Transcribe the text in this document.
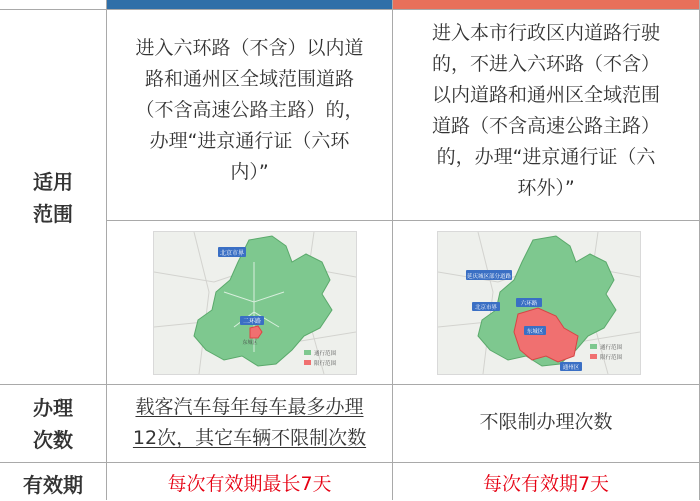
适用
范围
进入六环路（不含）以内道
路和通州区全域范围道路
（不含高速公路主路）的，
办理“进京通行证（六环
内）”
进入本市行政区内道路行驶
的，不进入六环路（不含）
以内道路和通州区全域范围
道路（不含高速公路主路）
的，办理“进京通行证（六
环外）”
北京市界
二环路
东城区
通行范围
限行范围
延庆城区部分道路
六环路
北京市界
东城区
通州区
通行范围
限行范围
办理
次数
载客汽车每年每车最多办理
12次，其它车辆不限制次数
不限制办理次数
有效期	每次有效期最长7天	每次有效期7天
